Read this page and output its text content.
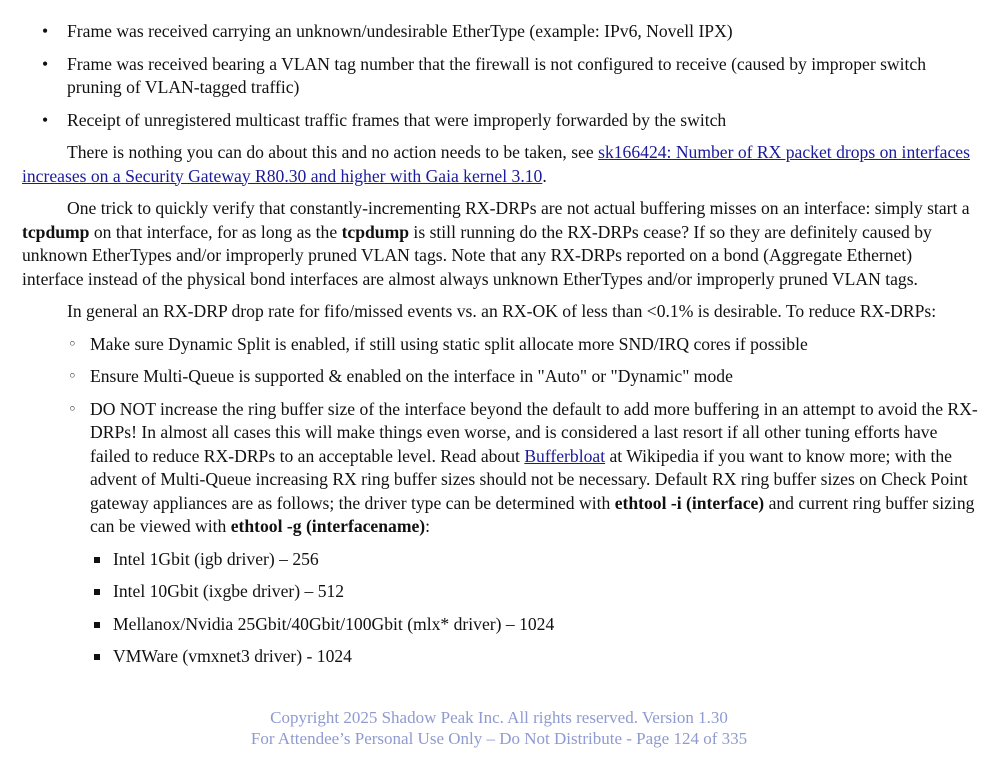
• Frame was received carrying an unknown/undesirable EtherType (example: IPv6, Novell IPX)
• Frame was received bearing a VLAN tag number that the firewall is not configured to receive (caused by improper switch pruning of VLAN-tagged traffic)
• Receipt of unregistered multicast traffic frames that were improperly forwarded by the switch

There is nothing you can do about this and no action needs to be taken, see sk166424: Number of RX packet drops on interfaces increases on a Security Gateway R80.30 and higher with Gaia kernel 3.10.

One trick to quickly verify that constantly-incrementing RX-DRPs are not actual buffering misses on an interface: simply start a tcpdump on that interface, for as long as the tcpdump is still running do the RX-DRPs cease? If so they are definitely caused by unknown EtherTypes and/or improperly pruned VLAN tags. Note that any RX-DRPs reported on a bond (Aggregate Ethernet) interface instead of the physical bond interfaces are almost always unknown EtherTypes and/or improperly pruned VLAN tags.

In general an RX-DRP drop rate for fifo/missed events vs. an RX-OK of less than <0.1% is desirable. To reduce RX-DRPs:

◦ Make sure Dynamic Split is enabled, if still using static split allocate more SND/IRQ cores if possible
◦ Ensure Multi-Queue is supported & enabled on the interface in "Auto" or "Dynamic" mode
◦ DO NOT increase the ring buffer size of the interface beyond the default to add more buffering in an attempt to avoid the RX-DRPs! In almost all cases this will make things even worse, and is considered a last resort if all other tuning efforts have failed to reduce RX-DRPs to an acceptable level. Read about Bufferbloat at Wikipedia if you want to know more; with the advent of Multi-Queue increasing RX ring buffer sizes should not be necessary. Default RX ring buffer sizes on Check Point gateway appliances are as follows; the driver type can be determined with ethtool -i (interface) and current ring buffer sizing can be viewed with ethtool -g (interfacename):
Intel 1Gbit (igb driver) – 256
Intel 10Gbit (ixgbe driver) – 512
Mellanox/Nvidia 25Gbit/40Gbit/100Gbit (mlx* driver) – 1024
VMWare (vmxnet3 driver) - 1024
Copyright 2025 Shadow Peak Inc. All rights reserved. Version 1.30
For Attendee’s Personal Use Only – Do Not Distribute - Page 124 of 335
